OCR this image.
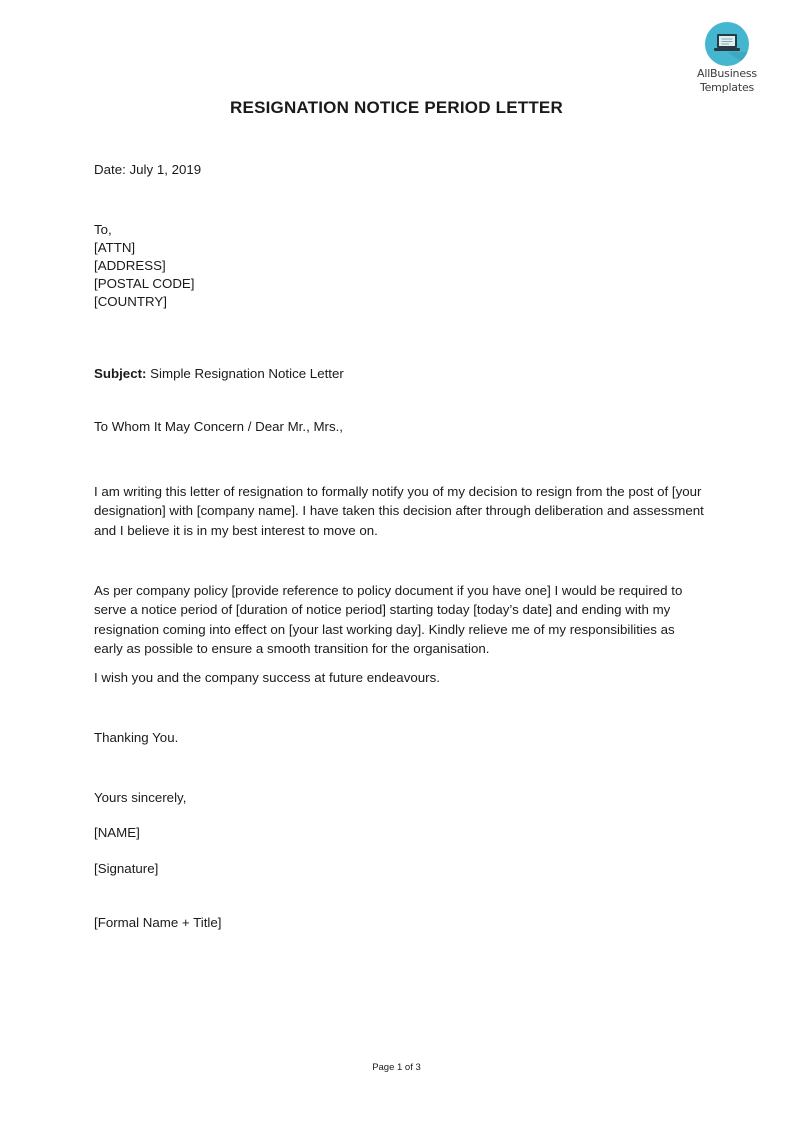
AllBusiness
Templates
RESIGNATION NOTICE PERIOD LETTER
Date: July 1, 2019
To,
[ATTN]
[ADDRESS]
[POSTAL CODE]
[COUNTRY]
Subject: Simple Resignation Notice Letter
To Whom It May Concern / Dear Mr., Mrs.,
I am writing this letter of resignation to formally notify you of my decision to resign from the post of [your designation] with [company name]. I have taken this decision after through deliberation and assessment and I believe it is in my best interest to move on.
As per company policy [provide reference to policy document if you have one] I would be required to serve a notice period of [duration of notice period] starting today [today’s date] and ending with my resignation coming into effect on [your last working day]. Kindly relieve me of my responsibilities as early as possible to ensure a smooth transition for the organisation.
I wish you and the company success at future endeavours.
Thanking You.
Yours sincerely,
[NAME]
[Signature]
[Formal Name + Title]
Page 1 of 3
